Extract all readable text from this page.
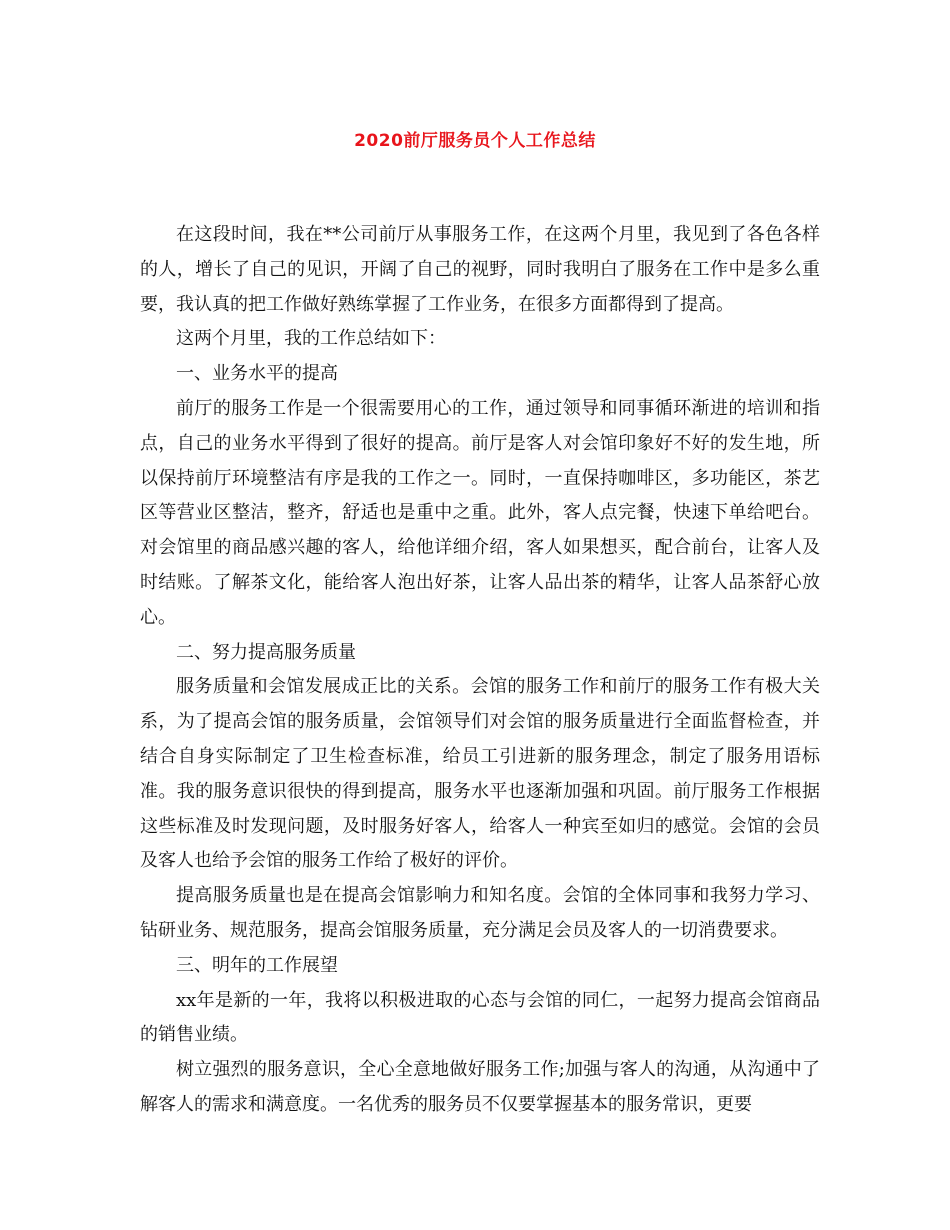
2020前厅服务员个人工作总结

在这段时间，我在**公司前厅从事服务工作，在这两个月里，我见到了各色各样的人，增长了自己的见识，开阔了自己的视野，同时我明白了服务在工作中是多么重要，我认真的把工作做好熟练掌握了工作业务，在很多方面都得到了提高。

这两个月里，我的工作总结如下：

一、业务水平的提高

前厅的服务工作是一个很需要用心的工作，通过领导和同事循环渐进的培训和指点，自己的业务水平得到了很好的提高。前厅是客人对会馆印象好不好的发生地，所以保持前厅环境整洁有序是我的工作之一。同时，一直保持咖啡区，多功能区，茶艺区等营业区整洁，整齐，舒适也是重中之重。此外，客人点完餐，快速下单给吧台。对会馆里的商品感兴趣的客人，给他详细介绍，客人如果想买，配合前台，让客人及时结账。了解茶文化，能给客人泡出好茶，让客人品出茶的精华，让客人品茶舒心放心。

二、努力提高服务质量

服务质量和会馆发展成正比的关系。会馆的服务工作和前厅的服务工作有极大关系，为了提高会馆的服务质量，会馆领导们对会馆的服务质量进行全面监督检查，并结合自身实际制定了卫生检查标准，给员工引进新的服务理念，制定了服务用语标准。我的服务意识很快的得到提高，服务水平也逐渐加强和巩固。前厅服务工作根据这些标准及时发现问题，及时服务好客人，给客人一种宾至如归的感觉。会馆的会员及客人也给予会馆的服务工作给了极好的评价。

提高服务质量也是在提高会馆影响力和知名度。会馆的全体同事和我努力学习、钻研业务、规范服务，提高会馆服务质量，充分满足会员及客人的一切消费要求。

三、明年的工作展望

xx年是新的一年，我将以积极进取的心态与会馆的同仁，一起努力提高会馆商品的销售业绩。

树立强烈的服务意识，全心全意地做好服务工作;加强与客人的沟通，从沟通中了解客人的需求和满意度。一名优秀的服务员不仅要掌握基本的服务常识，更要
